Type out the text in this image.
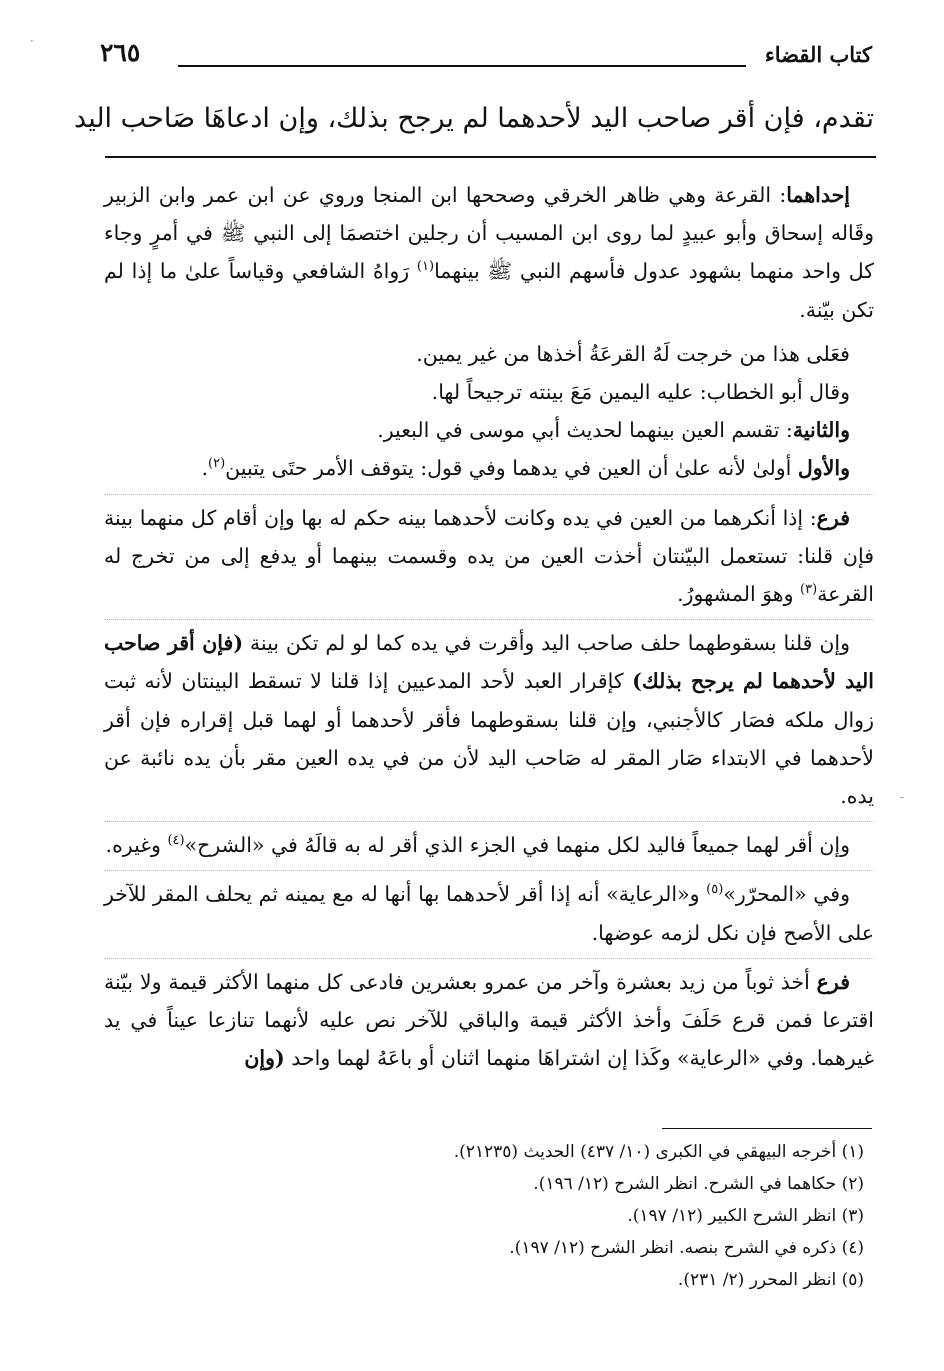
كتاب القضاء
٢٦٥
تقدم، فإن أقر صاحب اليد لأحدهما لم يرجح بذلك، وإن ادعاهَا صَاحب اليد

إحداهما: القرعة وهي ظاهر الخرقي وصححها ابن المنجا وروي عن ابن عمر وابن الزبير وقَاله إسحاق وأبو عبيدٍ لما روى ابن المسيب أن رجلين اختصمَا إلى النبي ﷺ في أمرٍ وجاء كل واحد منهما بشهود عدول فأسهم النبي ﷺ بينهما$^{(١)}$ رَواهُ الشافعي وقياساً علىٰ ما إذا لم تكن بيّنة.

فعَلى هذا من خرجت لَهُ القرعَةُ أخذها من غير يمين.

وقال أبو الخطاب: عليه اليمين مَعَ بينته ترجيحاً لها.

والثانية: تقسم العين بينهما لحديث أبي موسى في البعير.

والأول أولىٰ لأنه علىٰ أن العين في يدهما وفي قول: يتوقف الأمر حتَى يتبين$^{(٢)}$.

فرع: إذا أنكرهما من العين في يده وكانت لأحدهما بينه حكم له بها وإن أقام كل منهما بينة فإن قلنا: تستعمل البيّنتان أخذت العين من يده وقسمت بينهما أو يدفع إلى من تخرج له القرعة$^{(٣)}$ وهوَ المشهورُ.

وإن قلنا بسقوطهما حلف صاحب اليد وأقرت في يده كما لو لم تكن بينة (فإن أقر صاحب اليد لأحدهما لم يرجح بذلك) كإقرار العبد لأحد المدعيين إذا قلنا لا تسقط البينتان لأنه ثبت زوال ملكه فصَار كالأجنبي، وإن قلنا بسقوطهما فأقر لأحدهما أو لهما قبل إقراره فإن أقر لأحدهما في الابتداء صَار المقر له صَاحب اليد لأن من في يده العين مقر بأن يده نائبة عن يده.

وإن أقر لهما جميعاً فاليد لكل منهما في الجزء الذي أقر له به قالَهُ في «الشرح»$^{(٤)}$ وغيره.

وفي «المحرّر»$^{(٥)}$ و«الرعاية» أنه إذا أقر لأحدهما بها أنها له مع يمينه ثم يحلف المقر للآخر على الأصح فإن نكل لزمه عوضها.

فرع أخذ ثوباً من زيد بعشرة وآخر من عمرو بعشرين فادعى كل منهما الأكثر قيمة ولا بيّنة اقترعا فمن قرع حَلَفَ وأخذ الأكثر قيمة والباقي للآخر نص عليه لأنهما تنازعا عيناً في يد غيرهما. وفي «الرعاية» وكَذا إن اشتراهَا منهما اثنان أو باعَهُ لهما واحد (وإن

(١) أخرجه البيهقي في الكبرى (١٠/ ٤٣٧) الحديث (٢١٢٣٥).
(٢) حكاهما في الشرح. انظر الشرح (١٢/ ١٩٦).
(٣) انظر الشرح الكبير (١٢/ ١٩٧).
(٤) ذكره في الشرح بنصه. انظر الشرح (١٢/ ١٩٧).
(٥) انظر المحرر (٢/ ٢٣١).
·
-
